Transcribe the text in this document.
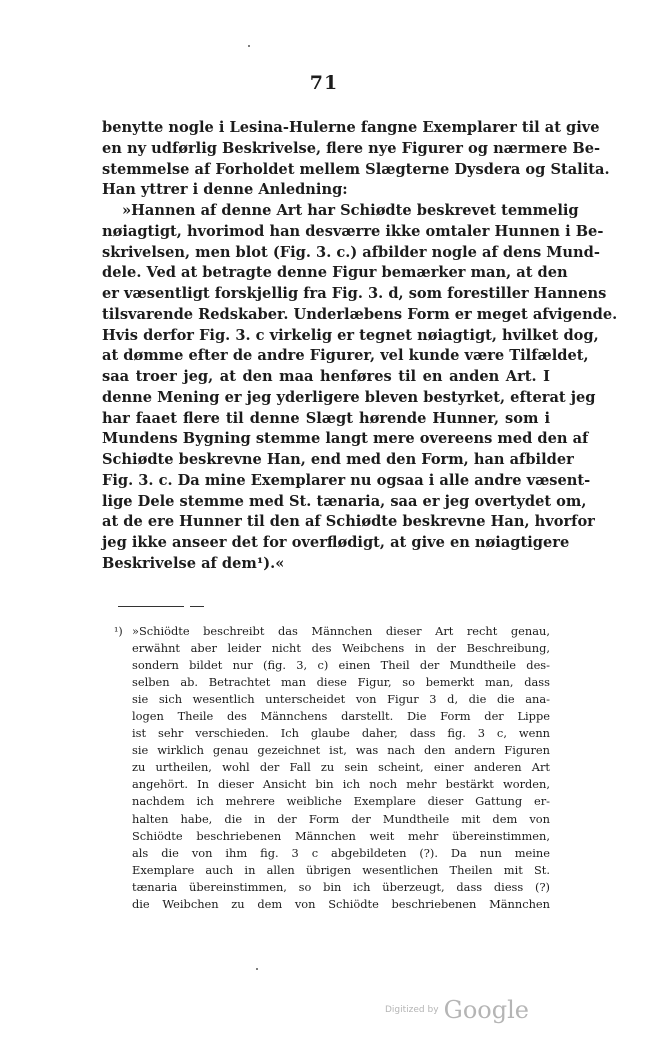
71
benytte nogle i Lesina-Hulerne fangne Exemplarer til at give
en ny udførlig Beskrivelse, flere nye Figurer og nærmere Be-
stemmelse af Forholdet mellem Slægterne Dysdera og Stalita.
Han yttrer i denne Anledning:
»Hannen af denne Art har Schiødte beskrevet temmelig
nøiagtigt, hvorimod han desværre ikke omtaler Hunnen i Be-
skrivelsen, men blot (Fig. 3. c.) afbilder nogle af dens Mund-
dele. Ved at betragte denne Figur bemærker man, at den
er væsentligt forskjellig fra Fig. 3. d, som forestiller Hannens
tilsvarende Redskaber. Underlæbens Form er meget afvigende.
Hvis derfor Fig. 3. c virkelig er tegnet nøiagtigt, hvilket dog,
at dømme efter de andre Figurer, vel kunde være Tilfældet,
saa troer jeg, at den maa henføres til en anden Art. I
denne Mening er jeg yderligere bleven bestyrket, efterat jeg
har faaet flere til denne Slægt hørende Hunner, som i
Mundens Bygning stemme langt mere overeens med den af
Schiødte beskrevne Han, end med den Form, han afbilder
Fig. 3. c. Da mine Exemplarer nu ogsaa i alle andre væsent-
lige Dele stemme med St. tænaria, saa er jeg overtydet om,
at de ere Hunner til den af Schiødte beskrevne Han, hvorfor
jeg ikke anseer det for overflødigt, at give en nøiagtigere
Beskrivelse af dem¹).«
¹) »Schiödte beschreibt das Männchen dieser Art recht genau,
erwähnt aber leider nicht des Weibchens in der Beschreibung,
sondern bildet nur (fig. 3, c) einen Theil der Mundtheile des-
selben ab. Betrachtet man diese Figur, so bemerkt man, dass
sie sich wesentlich unterscheidet von Figur 3 d, die die ana-
logen Theile des Männchens darstellt. Die Form der Lippe
ist sehr verschieden. Ich glaube daher, dass fig. 3 c, wenn
sie wirklich genau gezeichnet ist, was nach den andern Figuren
zu urtheilen, wohl der Fall zu sein scheint, einer anderen Art
angehört. In dieser Ansicht bin ich noch mehr bestärkt worden,
nachdem ich mehrere weibliche Exemplare dieser Gattung er-
halten habe, die in der Form der Mundtheile mit dem von
Schiödte beschriebenen Männchen weit mehr übereinstimmen,
als die von ihm fig. 3 c abgebildeten (?). Da nun meine
Exemplare auch in allen übrigen wesentlichen Theilen mit St.
tænaria übereinstimmen, so bin ich überzeugt, dass diess (?)
die Weibchen zu dem von Schiödte beschriebenen Männchen
Digitized by Google
